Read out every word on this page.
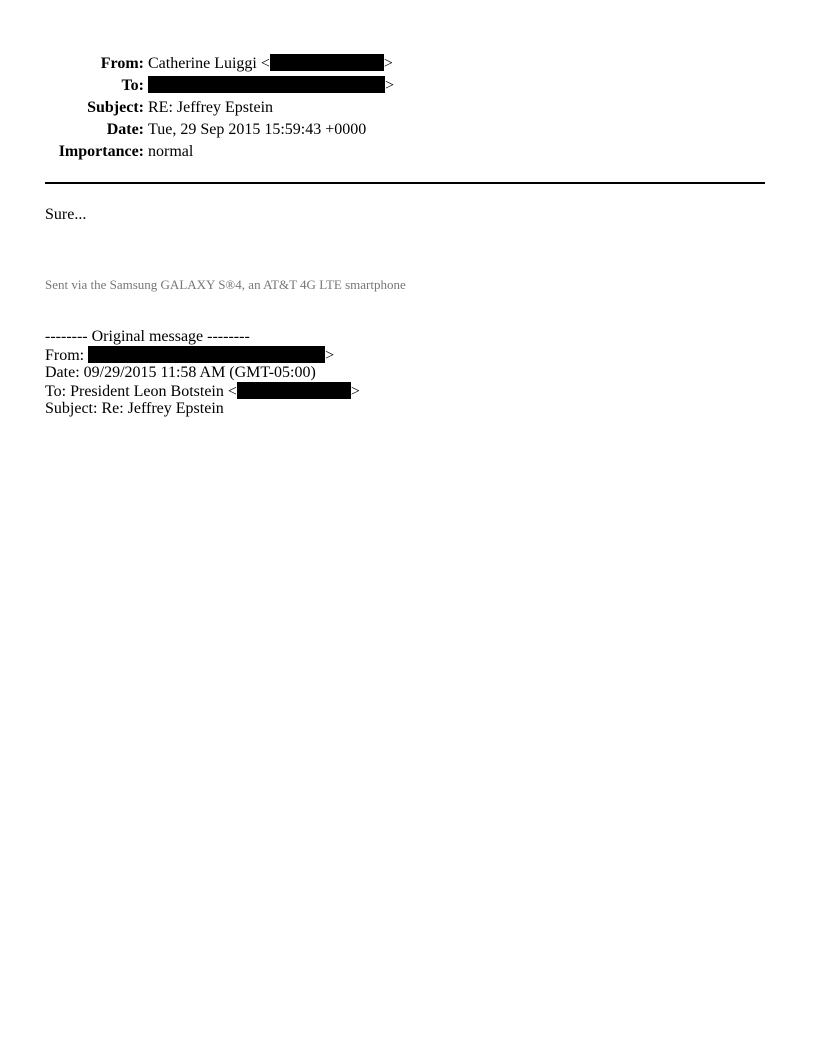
From: Catherine Luiggi <	>
To:	>
Subject: RE: Jeffrey Epstein
Date: Tue, 29 Sep 2015 15:59:43 +0000
Importance: normal
Sure...
Sent via the Samsung GALAXY S®4, an AT&T 4G LTE smartphone
-------- Original message --------
From:	>
Date: 09/29/2015 11:58 AM (GMT-05:00)
To: President Leon Botstein <	>
Subject: Re: Jeffrey Epstein
